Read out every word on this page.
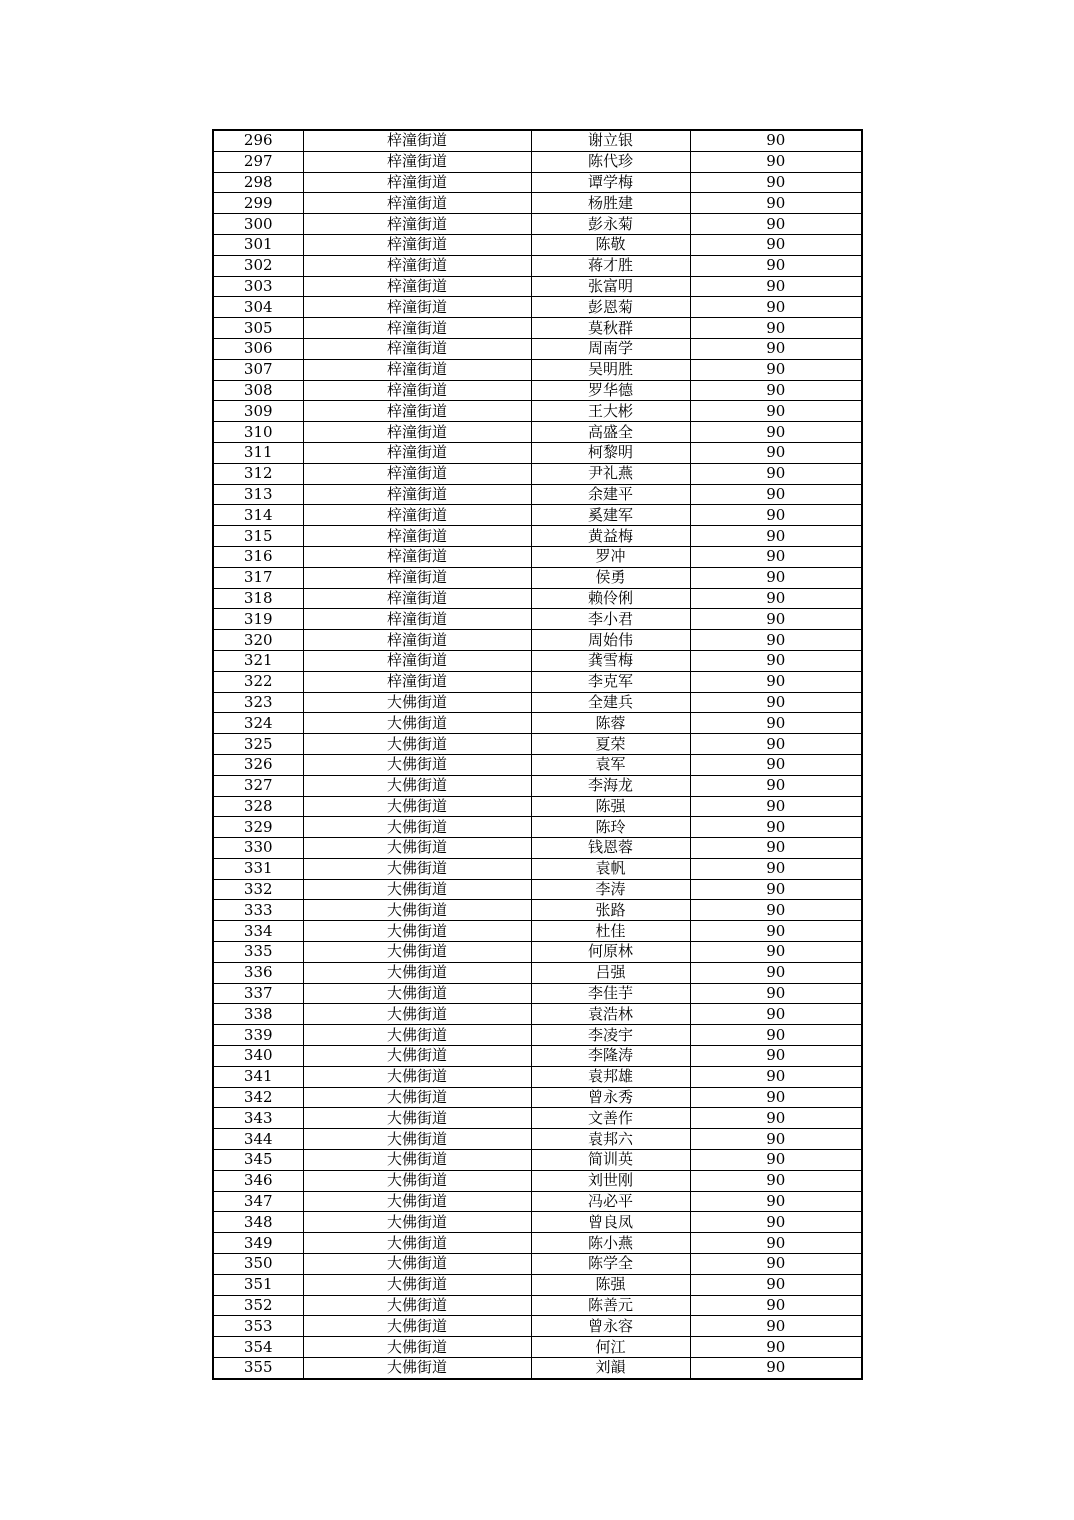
296	梓潼街道	谢立银	90
297	梓潼街道	陈代珍	90
298	梓潼街道	谭学梅	90
299	梓潼街道	杨胜建	90
300	梓潼街道	彭永菊	90
301	梓潼街道	陈敬	90
302	梓潼街道	蒋才胜	90
303	梓潼街道	张富明	90
304	梓潼街道	彭恩菊	90
305	梓潼街道	莫秋群	90
306	梓潼街道	周南学	90
307	梓潼街道	吴明胜	90
308	梓潼街道	罗华德	90
309	梓潼街道	王大彬	90
310	梓潼街道	高盛全	90
311	梓潼街道	柯黎明	90
312	梓潼街道	尹礼燕	90
313	梓潼街道	余建平	90
314	梓潼街道	奚建军	90
315	梓潼街道	黄益梅	90
316	梓潼街道	罗冲	90
317	梓潼街道	侯勇	90
318	梓潼街道	赖伶俐	90
319	梓潼街道	李小君	90
320	梓潼街道	周始伟	90
321	梓潼街道	龚雪梅	90
322	梓潼街道	李克军	90
323	大佛街道	全建兵	90
324	大佛街道	陈蓉	90
325	大佛街道	夏荣	90
326	大佛街道	袁军	90
327	大佛街道	李海龙	90
328	大佛街道	陈强	90
329	大佛街道	陈玲	90
330	大佛街道	钱恩蓉	90
331	大佛街道	袁帆	90
332	大佛街道	李涛	90
333	大佛街道	张路	90
334	大佛街道	杜佳	90
335	大佛街道	何原林	90
336	大佛街道	吕强	90
337	大佛街道	李佳芋	90
338	大佛街道	袁浩林	90
339	大佛街道	李凌宇	90
340	大佛街道	李隆涛	90
341	大佛街道	袁邦雄	90
342	大佛街道	曾永秀	90
343	大佛街道	文善作	90
344	大佛街道	袁邦六	90
345	大佛街道	简训英	90
346	大佛街道	刘世刚	90
347	大佛街道	冯必平	90
348	大佛街道	曾良凤	90
349	大佛街道	陈小燕	90
350	大佛街道	陈学全	90
351	大佛街道	陈强	90
352	大佛街道	陈善元	90
353	大佛街道	曾永容	90
354	大佛街道	何江	90
355	大佛街道	刘韻	90
